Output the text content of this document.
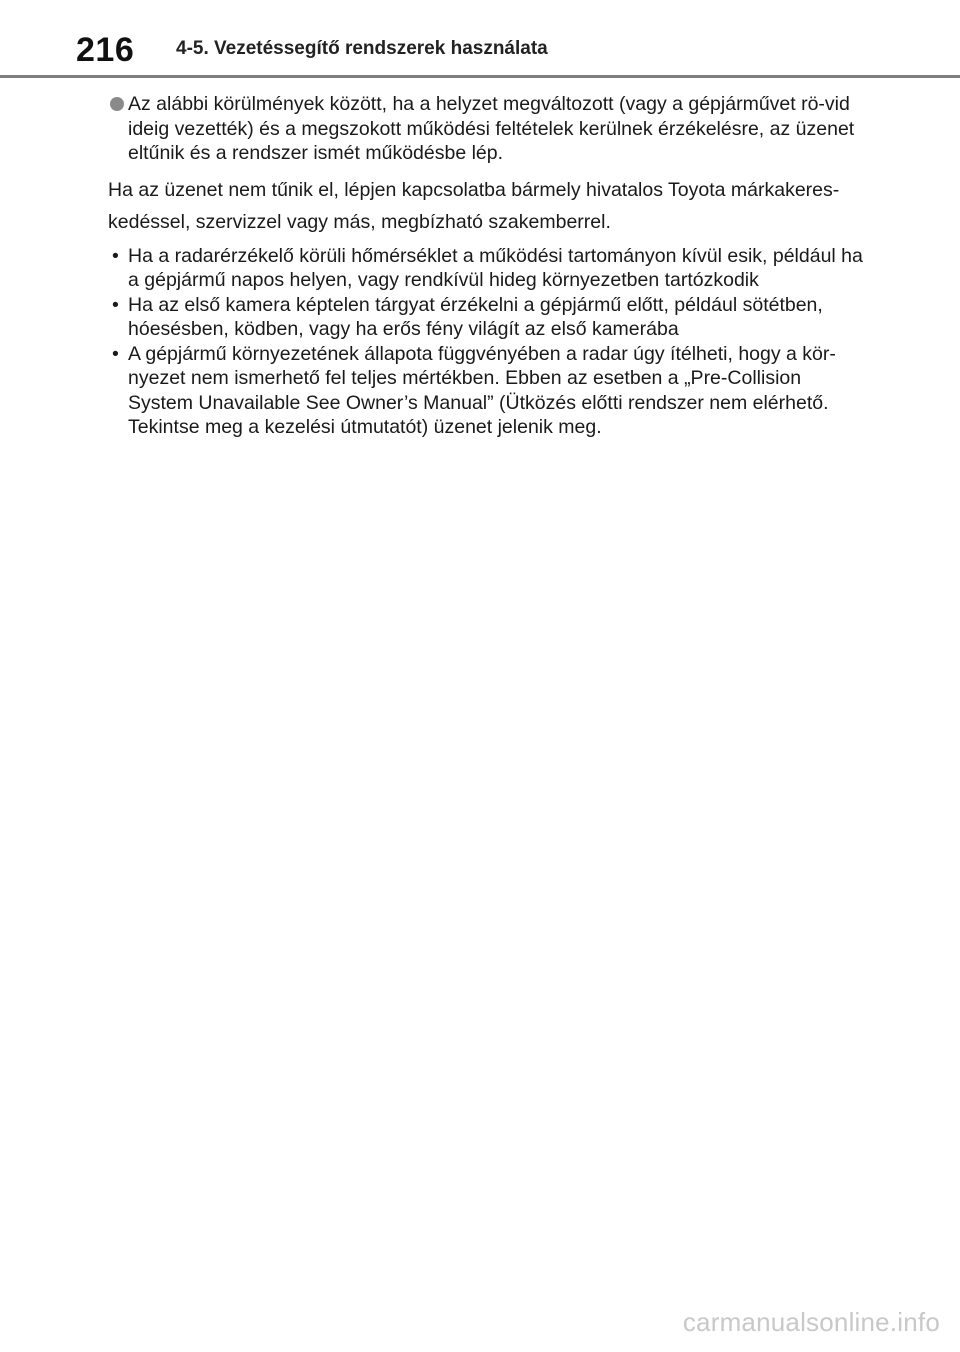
216 4-5. Vezetéssegítő rendszerek használata

Az alábbi körülmények között, ha a helyzet megváltozott (vagy a gépjárművet rö-vid ideig vezették) és a megszokott működési feltételek kerülnek érzékelésre, az üzenet eltűnik és a rendszer ismét működésbe lép.

Ha az üzenet nem tűnik el, lépjen kapcsolatba bármely hivatalos Toyota márkakeres-kedéssel, szervizzel vagy más, megbízható szakemberrel.

• Ha a radarérzékelő körüli hőmérséklet a működési tartományon kívül esik, például ha a gépjármű napos helyen, vagy rendkívül hideg környezetben tartózkodik
• Ha az első kamera képtelen tárgyat érzékelni a gépjármű előtt, például sötétben, hóesésben, ködben, vagy ha erős fény világít az első kamerába
• A gépjármű környezetének állapota függvényében a radar úgy ítélheti, hogy a kör-nyezet nem ismerhető fel teljes mértékben. Ebben az esetben a „Pre-Collision System Unavailable See Owner’s Manual” (Ütközés előtti rendszer nem elérhető. Tekintse meg a kezelési útmutatót) üzenet jelenik meg.
carmanualsonline.info
